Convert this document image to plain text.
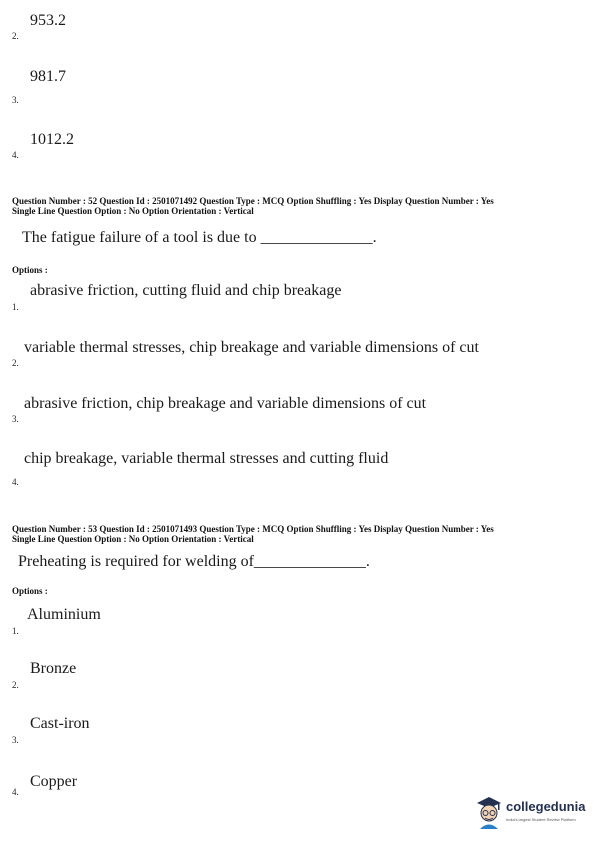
953.2
2.
981.7
3.
1012.2
4.
Question Number : 52 Question Id : 2501071492 Question Type : MCQ Option Shuffling : Yes Display Question Number : Yes
Single Line Question Option : No Option Orientation : Vertical
The fatigue failure of a tool is due to ______________.
Options :
abrasive friction, cutting fluid and chip breakage
1.
variable thermal stresses, chip breakage and variable dimensions of cut
2.
abrasive friction, chip breakage and variable dimensions of cut
3.
chip breakage, variable thermal stresses and cutting fluid
4.
Question Number : 53 Question Id : 2501071493 Question Type : MCQ Option Shuffling : Yes Display Question Number : Yes
Single Line Question Option : No Option Orientation : Vertical
Preheating is required for welding of______________.
Options :
Aluminium
1.
Bronze
2.
Cast-iron
3.
Copper
4.
collegedunia
India's largest Student Review Platform
